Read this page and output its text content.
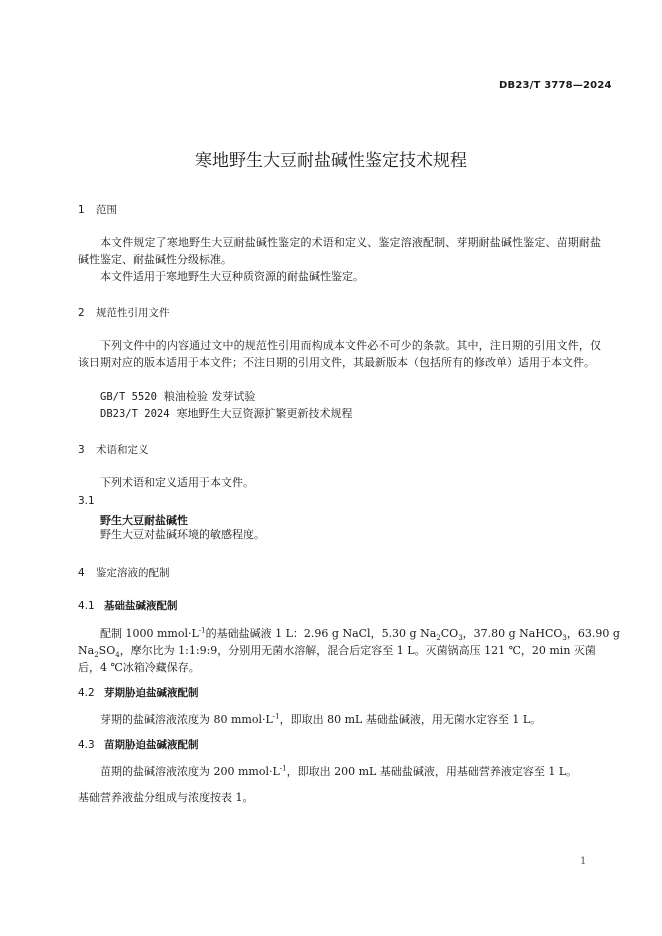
DB23/T 3778—2024
寒地野生大豆耐盐碱性鉴定技术规程
1 范围
本文件规定了寒地野生大豆耐盐碱性鉴定的术语和定义、鉴定溶液配制、芽期耐盐碱性鉴定、苗期耐盐碱性鉴定、耐盐碱性分级标准。
本文件适用于寒地野生大豆种质资源的耐盐碱性鉴定。
2 规范性引用文件
下列文件中的内容通过文中的规范性引用而构成本文件必不可少的条款。其中，注日期的引用文件，仅该日期对应的版本适用于本文件；不注日期的引用文件，其最新版本（包括所有的修改单）适用于本文件。
GB/T 5520 粮油检验 发芽试验
DB23/T 2024 寒地野生大豆资源扩繁更新技术规程
3 术语和定义
下列术语和定义适用于本文件。
3.1
野生大豆耐盐碱性
野生大豆对盐碱环境的敏感程度。
4 鉴定溶液的配制
4.1 基础盐碱液配制
配制 1000 $mmol\cdot L^{-1}$的基础盐碱液 1 L：2.96 g NaCl，5.30 g $Na_2CO_3$，37.80 g NaHCO$_3$，63.90 g
$Na_2SO_4$，摩尔比为 1:1:9:9，分别用无菌水溶解，混合后定容至 1 L。灭菌锅高压 121 ℃，20 min 灭菌
后，4 ℃冰箱冷藏保存。
4.2 芽期胁迫盐碱液配制
芽期的盐碱溶液浓度为 80 $mmol\cdot L^{-1}$，即取出 80 mL 基础盐碱液，用无菌水定容至 1 L。
4.3 苗期胁迫盐碱液配制
苗期的盐碱溶液浓度为 200 $mmol\cdot L^{-1}$，即取出 200 mL 基础盐碱液，用基础营养液定容至 1 L。
基础营养液盐分组成与浓度按表 1。
1
